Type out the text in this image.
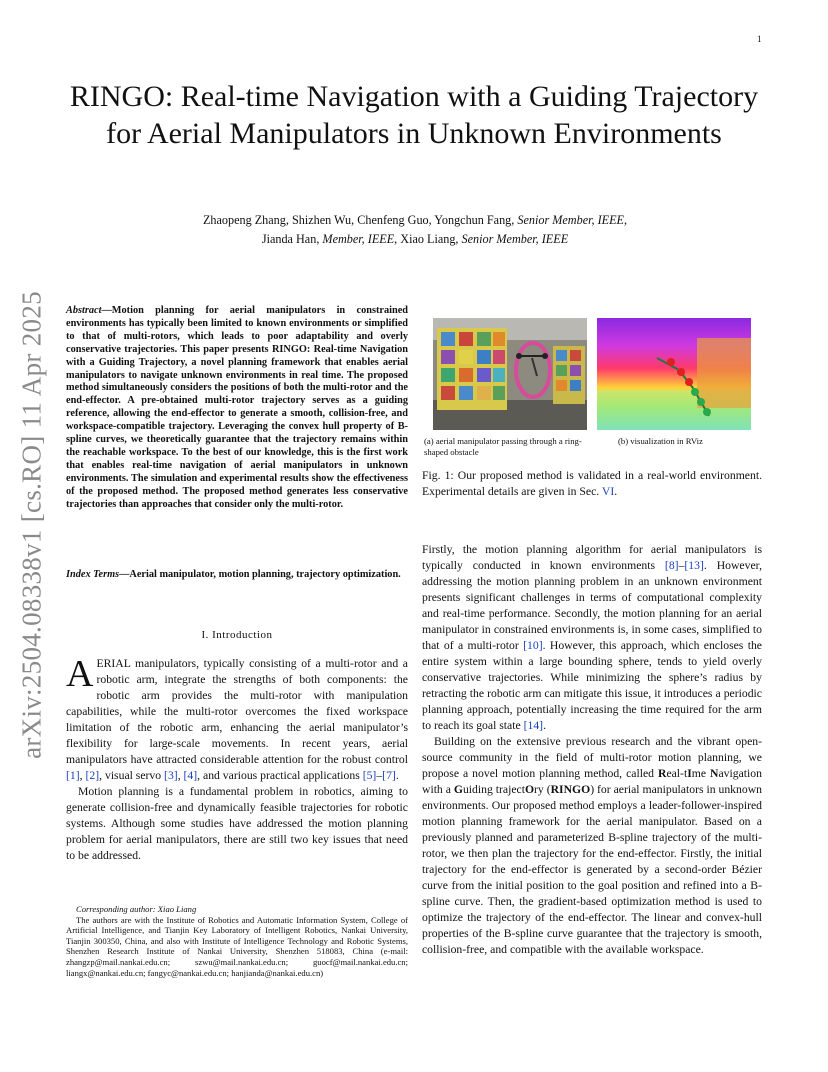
1
arXiv:2504.08338v1 [cs.RO] 11 Apr 2025
RINGO: Real-time Navigation with a Guiding Trajectory for Aerial Manipulators in Unknown Environments
Zhaopeng Zhang, Shizhen Wu, Chenfeng Guo, Yongchun Fang, Senior Member, IEEE,
Jianda Han, Member, IEEE, Xiao Liang, Senior Member, IEEE
Abstract—Motion planning for aerial manipulators in constrained environments has typically been limited to known environments or simplified to that of multi-rotors, which leads to poor adaptability and overly conservative trajectories. This paper presents RINGO: Real-time Navigation with a Guiding Trajectory, a novel planning framework that enables aerial manipulators to navigate unknown environments in real time. The proposed method simultaneously considers the positions of both the multi-rotor and the end-effector. A pre-obtained multi-rotor trajectory serves as a guiding reference, allowing the end-effector to generate a smooth, collision-free, and workspace-compatible trajectory. Leveraging the convex hull property of B-spline curves, we theoretically guarantee that the trajectory remains within the reachable workspace. To the best of our knowledge, this is the first work that enables real-time navigation of aerial manipulators in unknown environments. The simulation and experimental results show the effectiveness of the proposed method. The proposed method generates less conservative trajectories than approaches that consider only the multi-rotor.
Index Terms—Aerial manipulator, motion planning, trajectory optimization.
I. Introduction

AERIAL manipulators, typically consisting of a multi-rotor and a robotic arm, integrate the strengths of both components: the robotic arm provides the multi-rotor with manipulation capabilities, while the multi-rotor overcomes the fixed workspace limitation of the robotic arm, enhancing the aerial manipulator’s flexibility for large-scale movements. In recent years, aerial manipulators have attracted considerable attention for the robust control [1], [2], visual servo [3], [4], and various practical applications [5]–[7].

Motion planning is a fundamental problem in robotics, aiming to generate collision-free and dynamically feasible trajectories for robotic systems. Although some studies have addressed the motion planning problem for aerial manipulators, there are still two key issues that need to be addressed.

Corresponding author: Xiao Liang

The authors are with the Institute of Robotics and Automatic Information System, College of Artificial Intelligence, and Tianjin Key Laboratory of Intelligent Robotics, Nankai University, Tianjin 300350, China, and also with Institute of Intelligence Technology and Robotic Systems, Shenzhen Research Institute of Nankai University, Shenzhen 518083, China (e-mail: zhangzp@mail.nankai.edu.cn; szwu@mail.nankai.edu.cn; guocf@mail.nankai.edu.cn; liangx@nankai.edu.cn; fangyc@nankai.edu.cn; hanjianda@nankai.edu.cn)

(a) aerial manipulator passing through a ring-shaped obstacle
(b) visualization in RViz
Fig. 1: Our proposed method is validated in a real-world environment. Experimental details are given in Sec. VI.

Firstly, the motion planning algorithm for aerial manipulators is typically conducted in known environments [8]–[13]. However, addressing the motion planning problem in an unknown environment presents significant challenges in terms of computational complexity and real-time performance. Secondly, the motion planning for an aerial manipulator in constrained environments is, in some cases, simplified to that of a multi-rotor [10]. However, this approach, which encloses the entire system within a large bounding sphere, tends to yield overly conservative trajectories. While minimizing the sphere’s radius by retracting the robotic arm can mitigate this issue, it introduces a periodic planning approach, potentially increasing the time required for the arm to reach its goal state [14].

Building on the extensive previous research and the vibrant open-source community in the field of multi-rotor motion planning, we propose a novel motion planning method, called Real-tIme Navigation with a Guiding trajectOry (RINGO) for aerial manipulators in unknown environments. Our proposed method employs a leader-follower-inspired motion planning framework for the aerial manipulator. Based on a previously planned and parameterized B-spline trajectory of the multi-rotor, we then plan the trajectory for the end-effector. Firstly, the initial trajectory for the end-effector is generated by a second-order Bézier curve from the initial position to the goal position and refined into a B-spline curve. Then, the gradient-based optimization method is used to optimize the trajectory of the end-effector. The linear and convex-hull properties of the B-spline curve guarantee that the trajectory is smooth, collision-free, and compatible with the available workspace.
